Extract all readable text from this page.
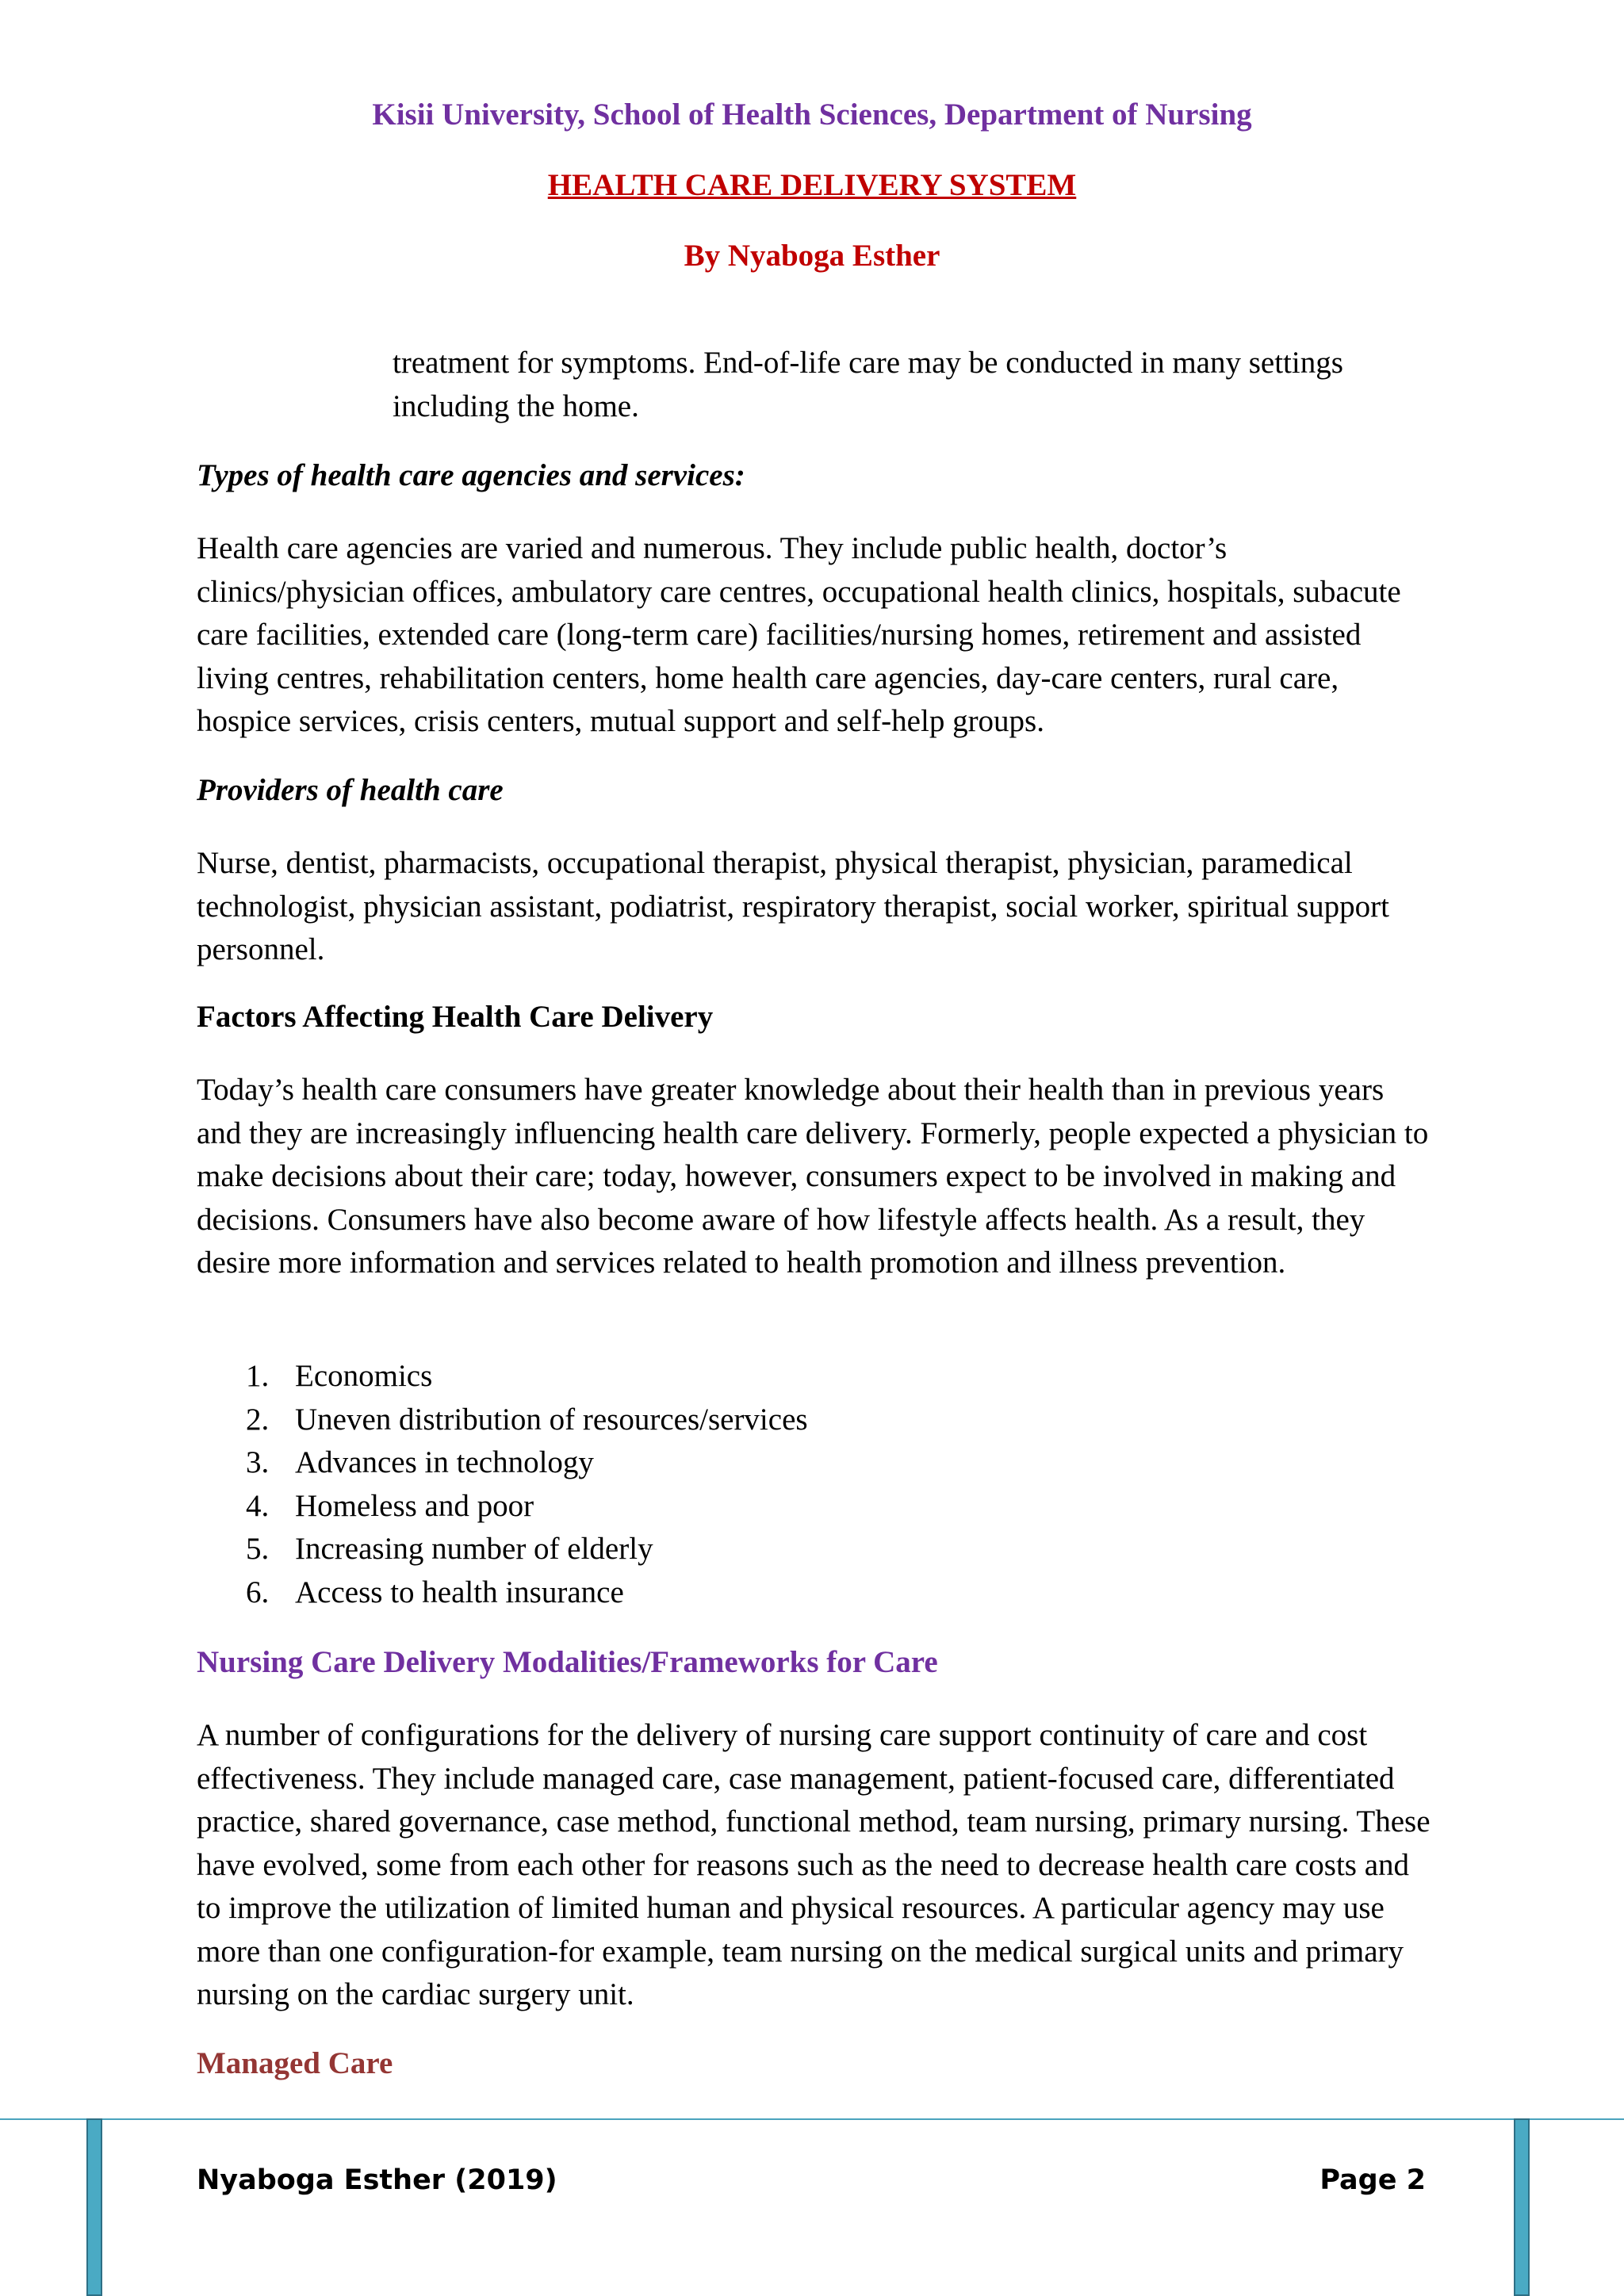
Kisii University, School of Health Sciences, Department of Nursing
HEALTH CARE DELIVERY SYSTEM
By Nyaboga Esther

treatment for symptoms. End-of-life care may be conducted in many settings including the home.

Types of health care agencies and services:

Health care agencies are varied and numerous. They include public health, doctor’s clinics/physician offices, ambulatory care centres, occupational health clinics, hospitals, subacute care facilities, extended care (long-term care) facilities/nursing homes, retirement and assisted living centres, rehabilitation centers, home health care agencies, day-care centers, rural care, hospice services, crisis centers, mutual support and self-help groups.

Providers of health care

Nurse, dentist, pharmacists, occupational therapist, physical therapist, physician, paramedical technologist, physician assistant, podiatrist, respiratory therapist, social worker, spiritual support personnel.

Factors Affecting Health Care Delivery

Today’s health care consumers have greater knowledge about their health than in previous years and they are increasingly influencing health care delivery. Formerly, people expected a physician to make decisions about their care; today, however, consumers expect to be involved in making and decisions. Consumers have also become aware of how lifestyle affects health. As a result, they desire more information and services related to health promotion and illness prevention.

1. Economics
2. Uneven distribution of resources/services
3. Advances in technology
4. Homeless and poor
5. Increasing number of elderly
6. Access to health insurance
Nursing Care Delivery Modalities/Frameworks for Care

A number of configurations for the delivery of nursing care support continuity of care and cost effectiveness. They include managed care, case management, patient-focused care, differentiated practice, shared governance, case method, functional method, team nursing, primary nursing. These have evolved, some from each other for reasons such as the need to decrease health care costs and to improve the utilization of limited human and physical resources. A particular agency may use more than one configuration-for example, team nursing on the medical surgical units and primary nursing on the cardiac surgery unit.

Managed Care
Nyaboga Esther (2019)	Page 2
